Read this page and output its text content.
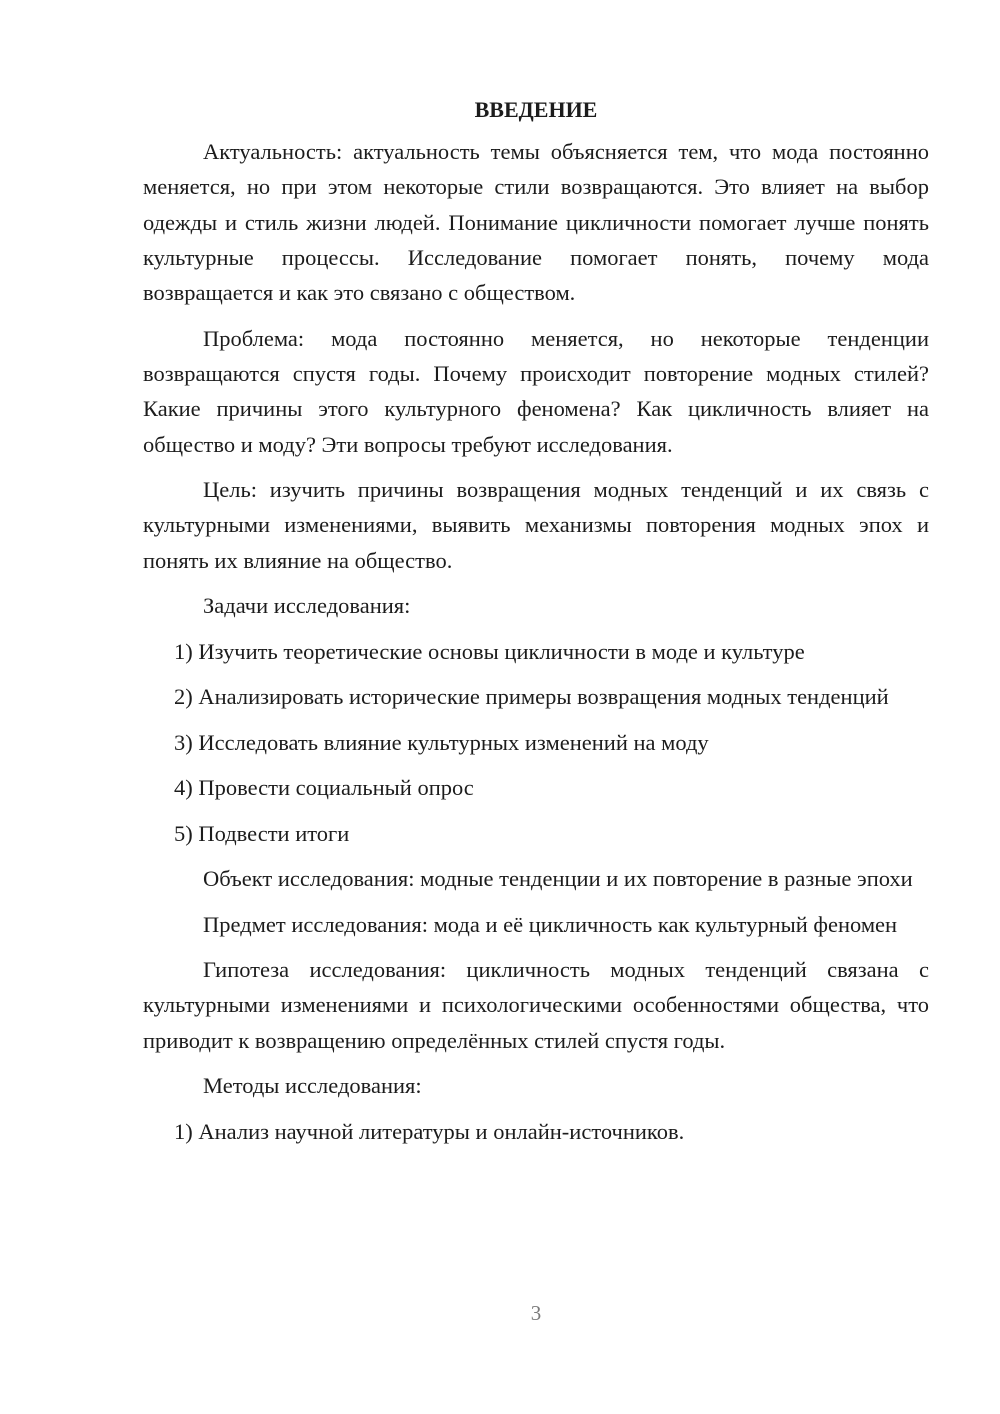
ВВЕДЕНИЕ

Актуальность: актуальность темы объясняется тем, что мода постоянно меняется, но при этом некоторые стили возвращаются. Это влияет на выбор одежды и стиль жизни людей. Понимание цикличности помогает лучше понять культурные процессы. Исследование помогает понять, почему мода возвращается и как это связано с обществом.

Проблема: мода постоянно меняется, но некоторые тенденции возвращаются спустя годы. Почему происходит повторение модных стилей? Какие причины этого культурного феномена? Как цикличность влияет на общество и моду? Эти вопросы требуют исследования.

Цель: изучить причины возвращения модных тенденций и их связь с культурными изменениями, выявить механизмы повторения модных эпох и понять их влияние на общество.

Задачи исследования:

1) Изучить теоретические основы цикличности в моде и культуре

2) Анализировать исторические примеры возвращения модных тенденций

3) Исследовать влияние культурных изменений на моду

4) Провести социальный опрос

5) Подвести итоги

Объект исследования: модные тенденции и их повторение в разные эпохи

Предмет исследования: мода и её цикличность как культурный феномен

Гипотеза исследования: цикличность модных тенденций связана с культурными изменениями и психологическими особенностями общества, что приводит к возвращению определённых стилей спустя годы.

Методы исследования:

1) Анализ научной литературы и онлайн-источников.

3
